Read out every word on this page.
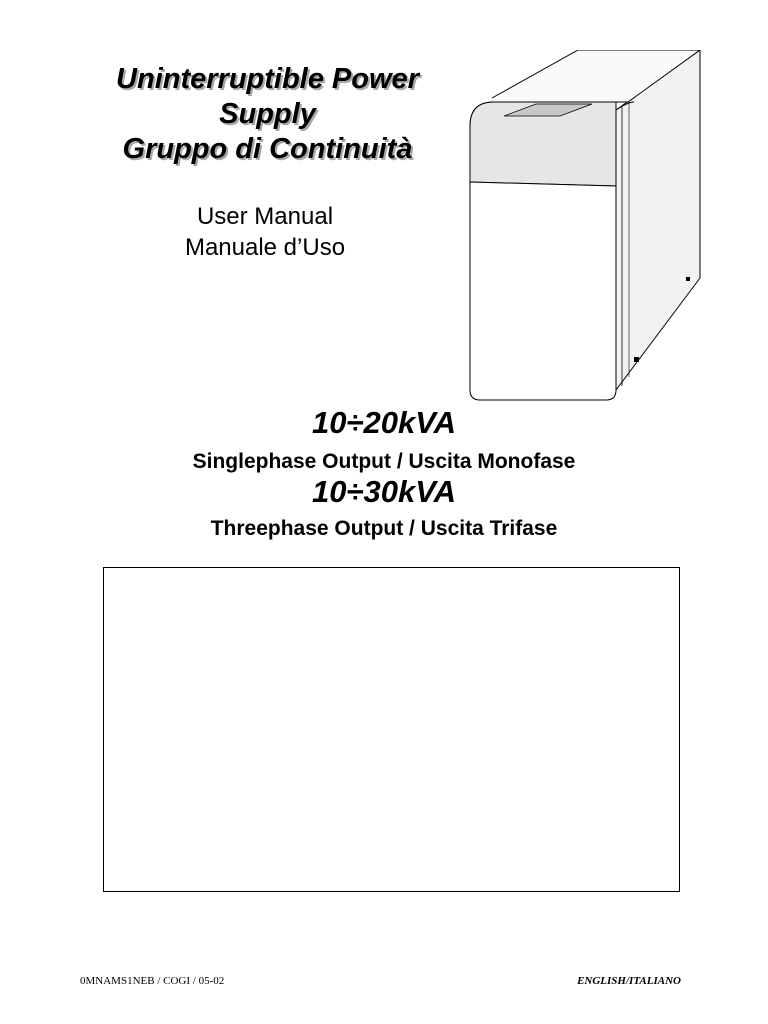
Uninterruptible Power
Supply
Gruppo di Continuità
User Manual
Manuale d’Uso
10÷20kVA
Singlephase Output / Uscita Monofase
10÷30kVA
Threephase Output / Uscita Trifase
0MNAMS1NEB / COGI / 05-02	ENGLISH/ITALIANO
